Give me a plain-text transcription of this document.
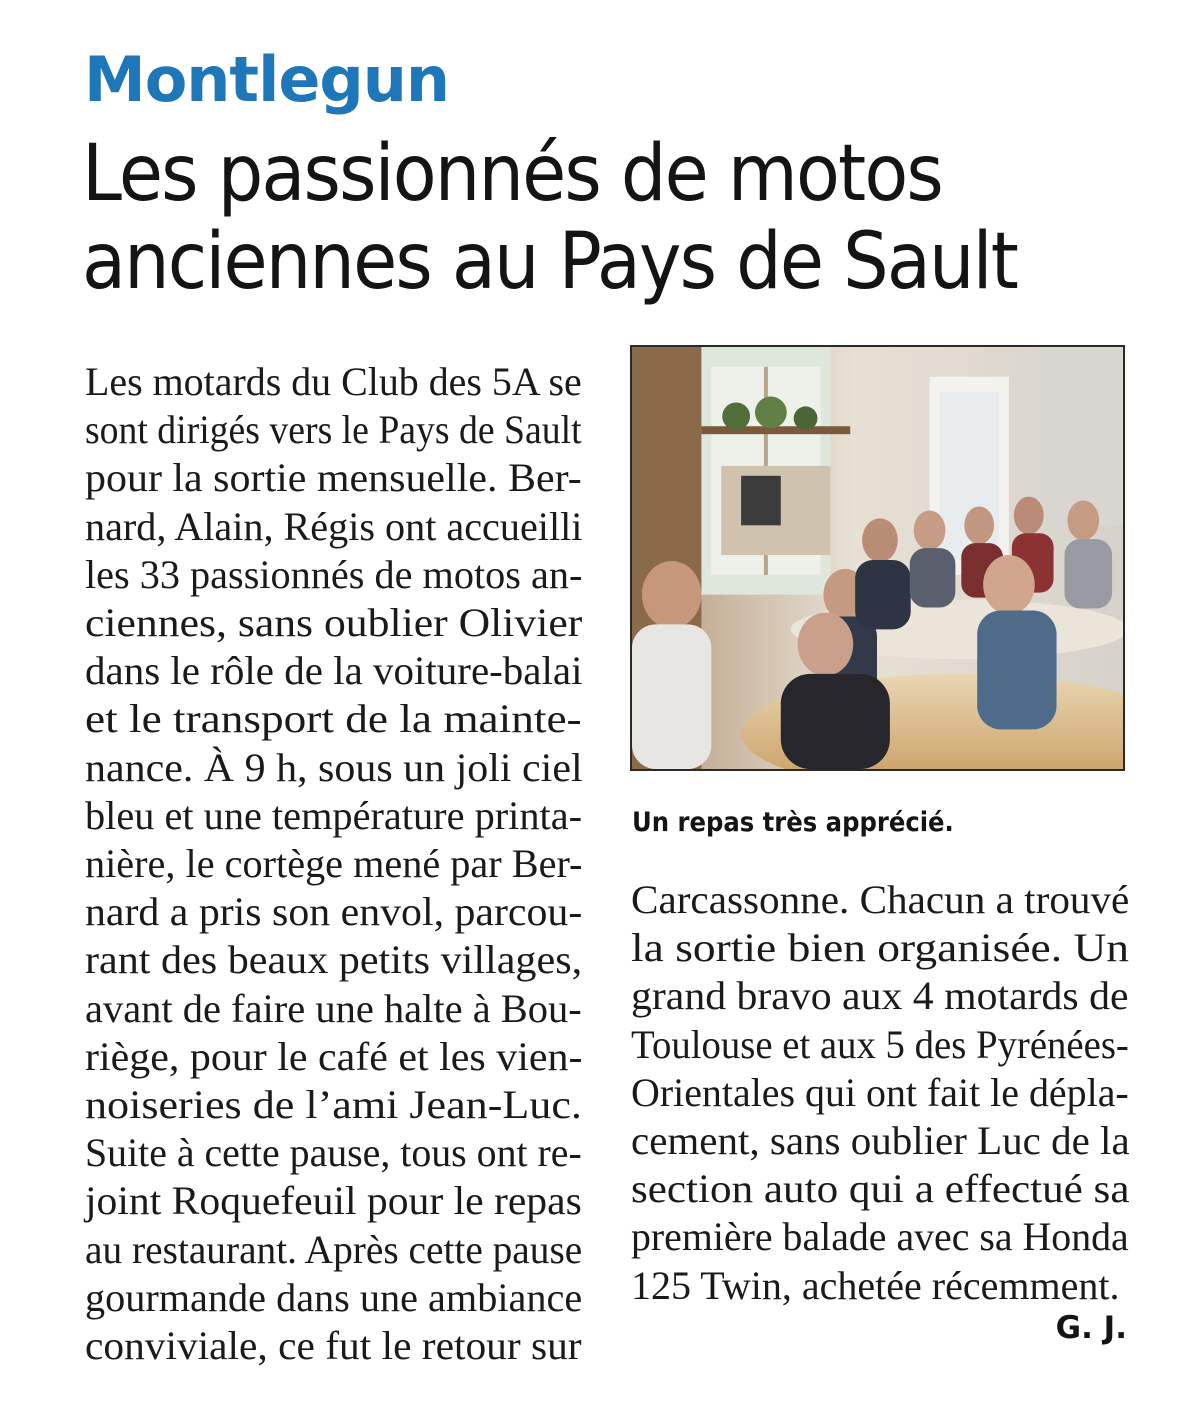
Montlegun
Les passionnés de motos
anciennes au Pays de Sault
Les motards du Club des 5A se
sont dirigés vers le Pays de Sault
pour la sortie mensuelle. Ber-
nard, Alain, Régis ont accueilli
les 33 passionnés de motos an-
ciennes, sans oublier Olivier
dans le rôle de la voiture-balai
et le transport de la mainte-
nance. À 9 h, sous un joli ciel
bleu et une température printa-
nière, le cortège mené par Ber-
nard a pris son envol, parcou-
rant des beaux petits villages,
avant de faire une halte à Bou-
riège, pour le café et les vien-
noiseries de l’ami Jean-Luc.
Suite à cette pause, tous ont re-
joint Roquefeuil pour le repas
au restaurant. Après cette pause
gourmande dans une ambiance
conviviale, ce fut le retour sur
Un repas très apprécié.
Carcassonne. Chacun a trouvé
la sortie bien organisée. Un
grand bravo aux 4 motards de
Toulouse et aux 5 des Pyrénées-
Orientales qui ont fait le dépla-
cement, sans oublier Luc de la
section auto qui a effectué sa
première balade avec sa Honda
125 Twin, achetée récemment.
G. J.
